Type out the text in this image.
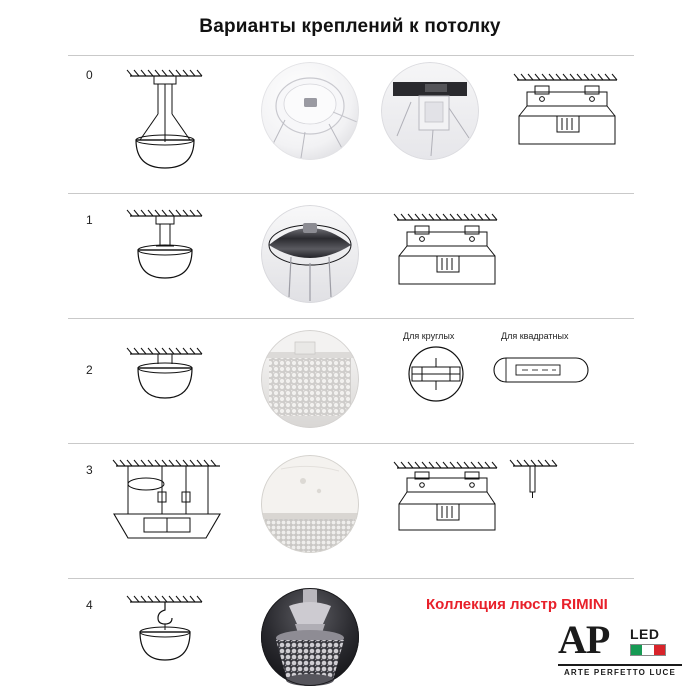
Варианты креплений к потолку
0
1
2
Для круглых	Для квадратных
3
4	Коллекция люстр RIMINI
AP LED
ARTE PERFETTO LUCE
